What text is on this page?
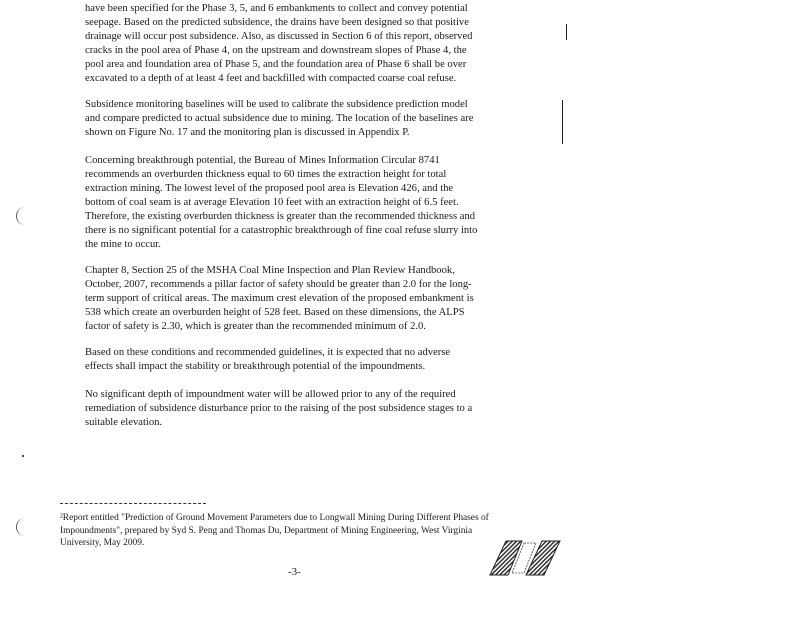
have been specified for the Phase 3, 5, and 6 embankments to collect and convey potential
seepage. Based on the predicted subsidence, the drains have been designed so that positive
drainage will occur post subsidence. Also, as discussed in Section 6 of this report, observed
cracks in the pool area of Phase 4, on the upstream and downstream slopes of Phase 4, the
pool area and foundation area of Phase 5, and the foundation area of Phase 6 shall be over
excavated to a depth of at least 4 feet and backfilled with compacted coarse coal refuse.

Subsidence monitoring baselines will be used to calibrate the subsidence prediction model
and compare predicted to actual subsidence due to mining. The location of the baselines are
shown on Figure No. 17 and the monitoring plan is discussed in Appendix P.

Concerning breakthrough potential, the Bureau of Mines Information Circular 8741
recommends an overburden thickness equal to 60 times the extraction height for total
extraction mining. The lowest level of the proposed pool area is Elevation 426, and the
bottom of coal seam is at average Elevation 10 feet with an extraction height of 6.5 feet.
Therefore, the existing overburden thickness is greater than the recommended thickness and
there is no significant potential for a catastrophic breakthrough of fine coal refuse slurry into
the mine to occur.

Chapter 8, Section 25 of the MSHA Coal Mine Inspection and Plan Review Handbook,
October, 2007, recommends a pillar factor of safety should be greater than 2.0 for the long-
term support of critical areas. The maximum crest elevation of the proposed embankment is
538 which create an overburden height of 528 feet. Based on these dimensions, the ALPS
factor of safety is 2.30, which is greater than the recommended minimum of 2.0.

Based on these conditions and recommended guidelines, it is expected that no adverse
effects shall impact the stability or breakthrough potential of the impoundments.

No significant depth of impoundment water will be allowed prior to any of the required
remediation of subsidence disturbance prior to the raising of the post subsidence stages to a
suitable elevation.

²Report entitled "Prediction of Ground Movement Parameters due to Longwall Mining During Different Phases of
Impoundments", prepared by Syd S. Peng and Thomas Du, Department of Mining Engineering, West Virginia
University, May 2009.

-3-
